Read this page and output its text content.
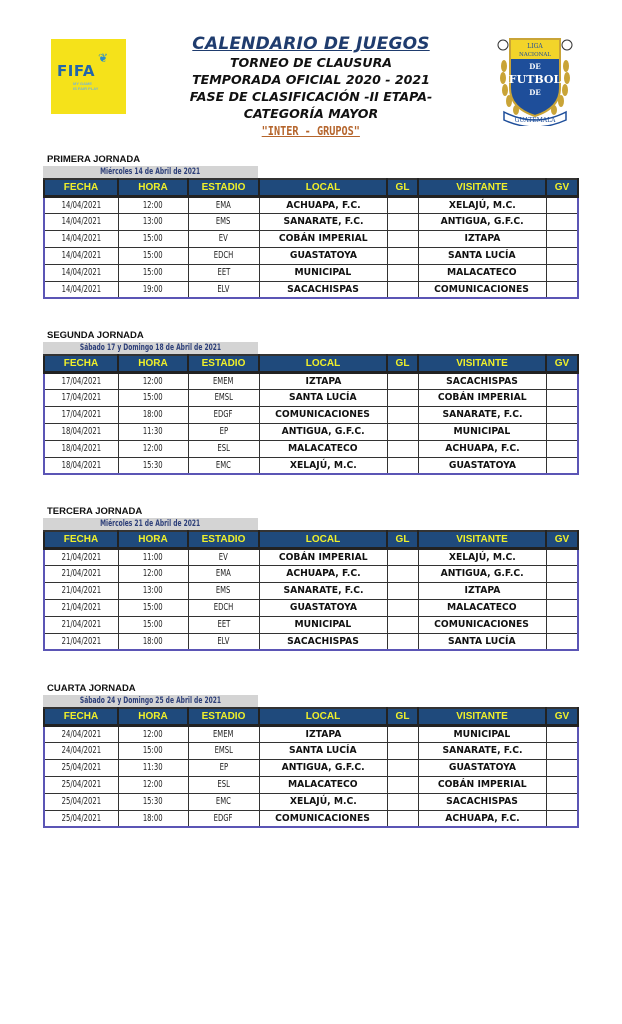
❦
FIFA
MY GAME
IS FAIR PLAY
CALENDARIO DE JUEGOS
TORNEO DE CLAUSURA
TEMPORADA OFICIAL 2020 - 2021
FASE DE CLASIFICACIÓN -II ETAPA-
CATEGORÍA MAYOR
"INTER - GRUPOS"
LIGA
NACIONAL
DE
FUTBOL
DE
GUATEMALA
PRIMERA JORNADA
Miércoles 14 de Abril de 2021
FECHA	HORA	ESTADIO	LOCAL	GL	VISITANTE	GV
14/04/2021	12:00	EMA	ACHUAPA, F.C.		XELAJÚ, M.C.	
14/04/2021	13:00	EMS	SANARATE, F.C.		ANTIGUA, G.F.C.	
14/04/2021	15:00	EV	COBÁN IMPERIAL		IZTAPA	
14/04/2021	15:00	EDCH	GUASTATOYA		SANTA LUCÍA	
14/04/2021	15:00	EET	MUNICIPAL		MALACATECO	
14/04/2021	19:00	ELV	SACACHISPAS		COMUNICACIONES	
SEGUNDA JORNADA
Sábado 17 y Domingo 18 de Abril de 2021
FECHA	HORA	ESTADIO	LOCAL	GL	VISITANTE	GV
17/04/2021	12:00	EMEM	IZTAPA		SACACHISPAS	
17/04/2021	15:00	EMSL	SANTA LUCÍA		COBÁN IMPERIAL	
17/04/2021	18:00	EDGF	COMUNICACIONES		SANARATE, F.C.	
18/04/2021	11:30	EP	ANTIGUA, G.F.C.		MUNICIPAL	
18/04/2021	12:00	ESL	MALACATECO		ACHUAPA, F.C.	
18/04/2021	15:30	EMC	XELAJÚ, M.C.		GUASTATOYA	
TERCERA JORNADA
Miércoles 21 de Abril de 2021
FECHA	HORA	ESTADIO	LOCAL	GL	VISITANTE	GV
21/04/2021	11:00	EV	COBÁN IMPERIAL		XELAJÚ, M.C.	
21/04/2021	12:00	EMA	ACHUAPA, F.C.		ANTIGUA, G.F.C.	
21/04/2021	13:00	EMS	SANARATE, F.C.		IZTAPA	
21/04/2021	15:00	EDCH	GUASTATOYA		MALACATECO	
21/04/2021	15:00	EET	MUNICIPAL		COMUNICACIONES	
21/04/2021	18:00	ELV	SACACHISPAS		SANTA LUCÍA	
CUARTA JORNADA
Sábado 24 y Domingo 25 de Abril de 2021
FECHA	HORA	ESTADIO	LOCAL	GL	VISITANTE	GV
24/04/2021	12:00	EMEM	IZTAPA		MUNICIPAL	
24/04/2021	15:00	EMSL	SANTA LUCÍA		SANARATE, F.C.	
25/04/2021	11:30	EP	ANTIGUA, G.F.C.		GUASTATOYA	
25/04/2021	12:00	ESL	MALACATECO		COBÁN IMPERIAL	
25/04/2021	15:30	EMC	XELAJÚ, M.C.		SACACHISPAS	
25/04/2021	18:00	EDGF	COMUNICACIONES		ACHUAPA, F.C.	
